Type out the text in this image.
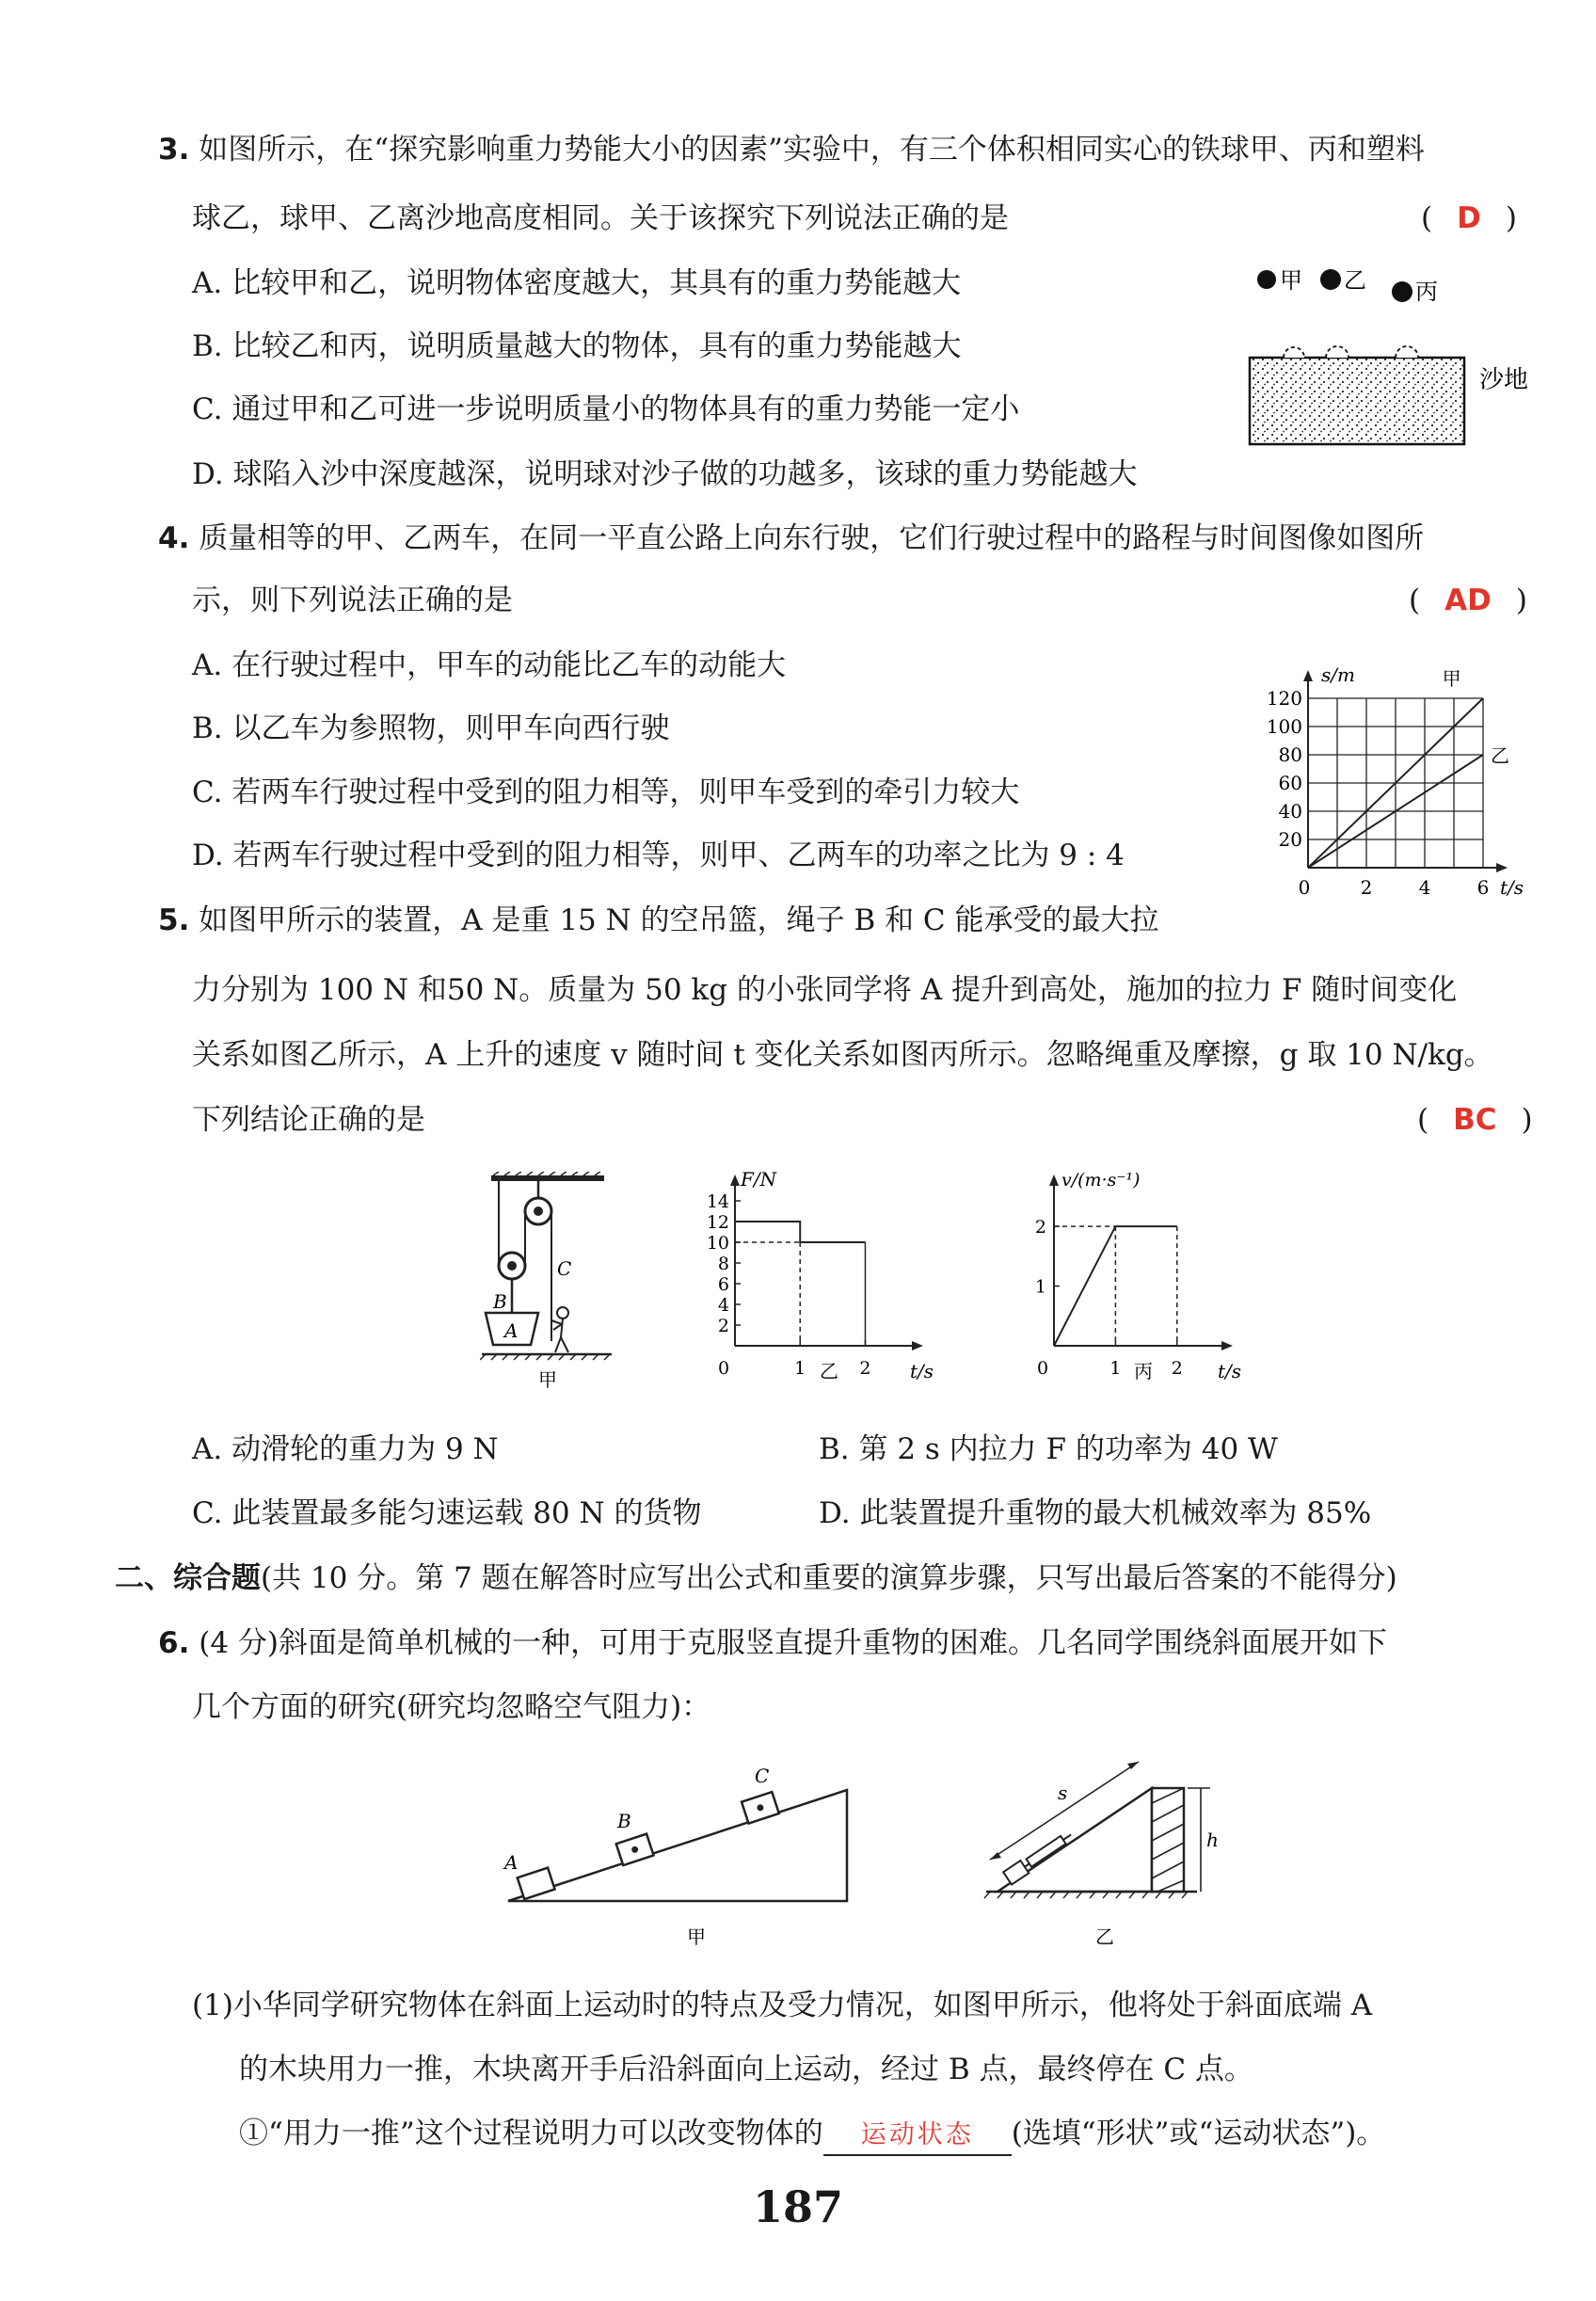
3. 如图所示，在“探究影响重力势能大小的因素”实验中，有三个体积相同实心的铁球甲、丙和塑料
球乙，球甲、乙离沙地高度相同。关于该探究下列说法正确的是	( D )
A. 比较甲和乙，说明物体密度越大，其具有的重力势能越大
B. 比较乙和丙，说明质量越大的物体，具有的重力势能越大
C. 通过甲和乙可进一步说明质量小的物体具有的重力势能一定小
D. 球陷入沙中深度越深，说明球对沙子做的功越多，该球的重力势能越大
甲 乙 丙
沙地
4. 质量相等的甲、乙两车，在同一平直公路上向东行驶，它们行驶过程中的路程与时间图像如图所
示，则下列说法正确的是	( AD )
A. 在行驶过程中，甲车的动能比乙车的动能大
B. 以乙车为参照物，则甲车向西行驶
C. 若两车行驶过程中受到的阻力相等，则甲车受到的牵引力较大
D. 若两车行驶过程中受到的阻力相等，则甲、乙两车的功率之比为 9 : 4	20
40
60
80
100
120
0	2 4 6
s/m
t/s
甲
乙
5. 如图甲所示的装置，A 是重 15 N 的空吊篮，绳子 B 和 C 能承受的最大拉
力分别为 100 N 和50 N。质量为 50 kg 的小张同学将 A 提升到高处，施加的拉力 F 随时间变化
关系如图乙所示，A 上升的速度 v 随时间 t 变化关系如图丙所示。忽略绳重及摩擦，g 取 10 N/kg。
下列结论正确的是	( BC )
B
C
A
甲
2
4
6
8
10
12
14
0	1	2
F/N
t/s
乙
1
2
0	1	2
v/(m·s⁻¹)
t/s
丙
A. 动滑轮的重力为 9 N	B. 第 2 s 内拉力 F 的功率为 40 W
C. 此装置最多能匀速运载 80 N 的货物	D. 此装置提升重物的最大机械效率为 85%
二、综合题(共 10 分。第 7 题在解答时应写出公式和重要的演算步骤，只写出最后答案的不能得分)
6. (4 分)斜面是简单机械的一种，可用于克服竖直提升重物的困难。几名同学围绕斜面展开如下
几个方面的研究(研究均忽略空气阻力)：
A
B
C
甲
s
h
乙
(1)小华同学研究物体在斜面上运动时的特点及受力情况，如图甲所示，他将处于斜面底端 A
的木块用力一推，木块离开手后沿斜面向上运动，经过 B 点，最终停在 C 点。
①“用力一推”这个过程说明力可以改变物体的 运动状态 (选填“形状”或“运动状态”)。
187
